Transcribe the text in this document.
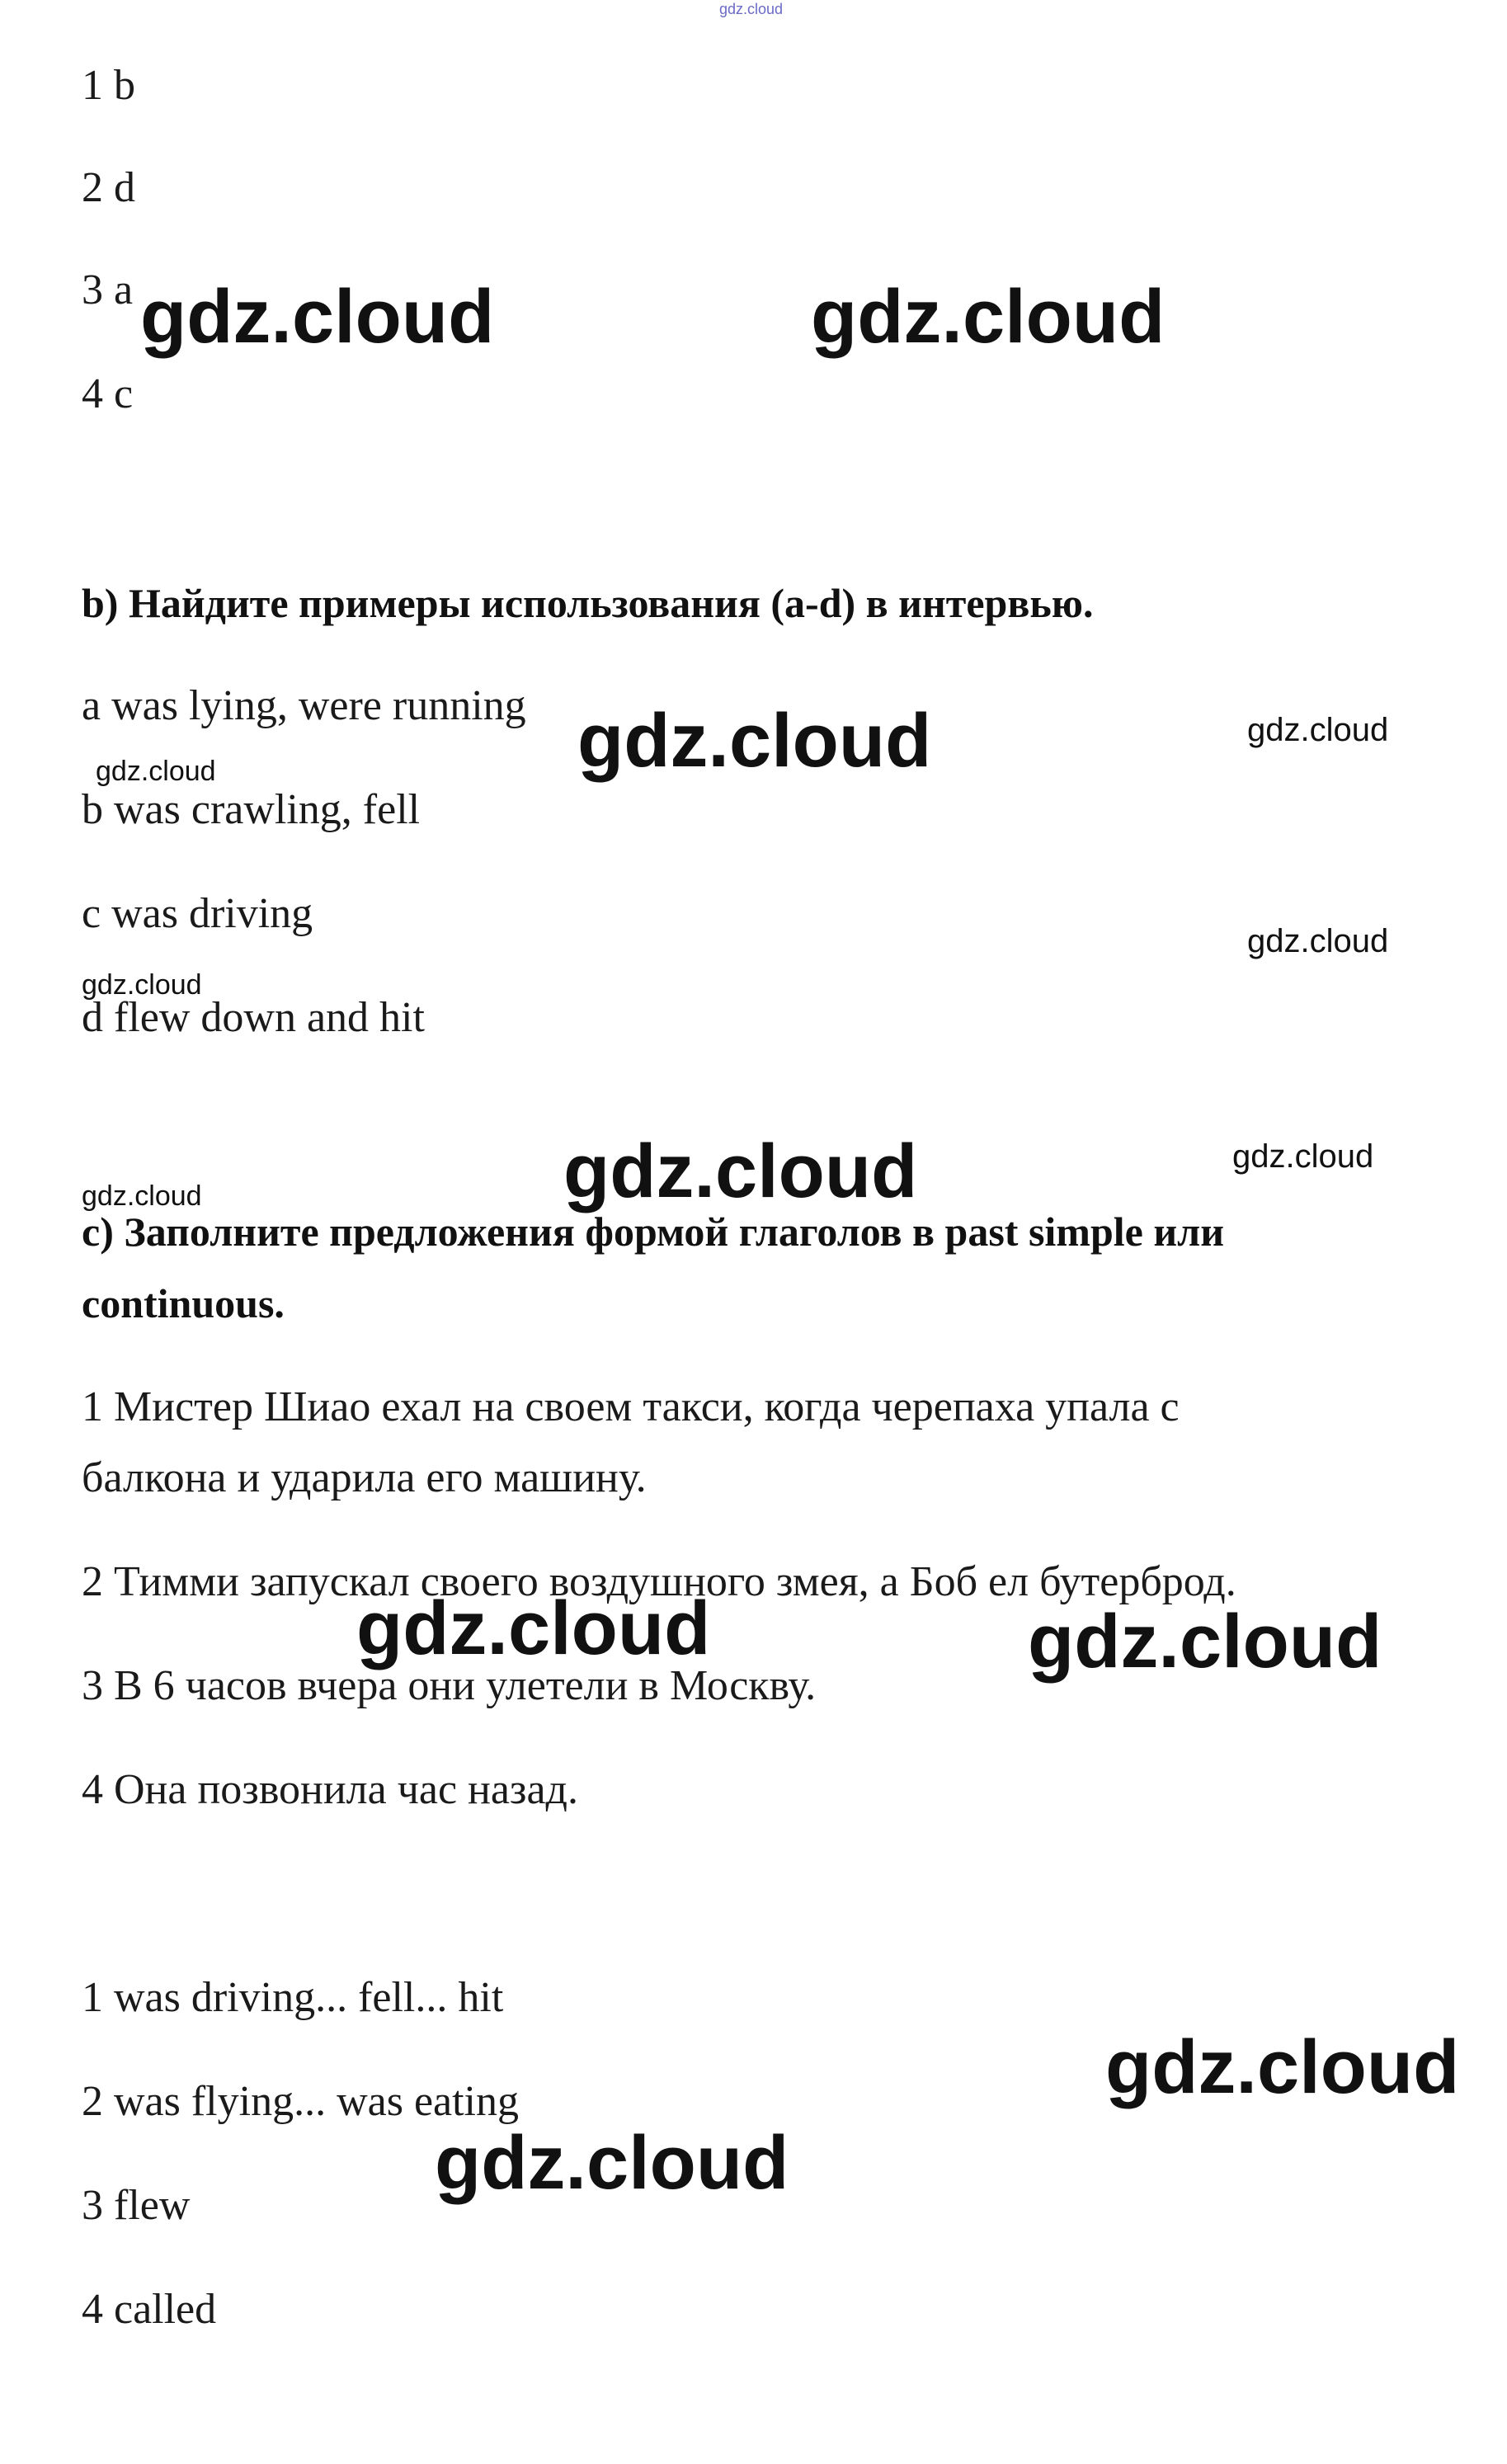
gdz.cloud
1 b
2 d
3 a
4 c
b) Найдите примеры использования (a-d) в интервью.
a was lying, were running
b was crawling, fell
c was driving
d flew down and hit
c) Заполните предложения формой глаголов в past simple или
continuous.
1 Мистер Шиао ехал на своем такси, когда черепаха упала с
балкона и ударила его машину.
2 Тимми запускал своего воздушного змея, а Боб ел бутерброд.
3 В 6 часов вчера они улетели в Москву.
4 Она позвонила час назад.
1 was driving... fell... hit
2 was flying... was eating
3 flew
4 called
gdz.cloud	gdz.cloud
gdz.cloud	gdz.cloud
gdz.cloud
gdz.cloud
gdz.cloud
gdz.cloud	gdz.cloud
gdz.cloud
gdz.cloud	gdz.cloud
gdz.cloud
gdz.cloud
